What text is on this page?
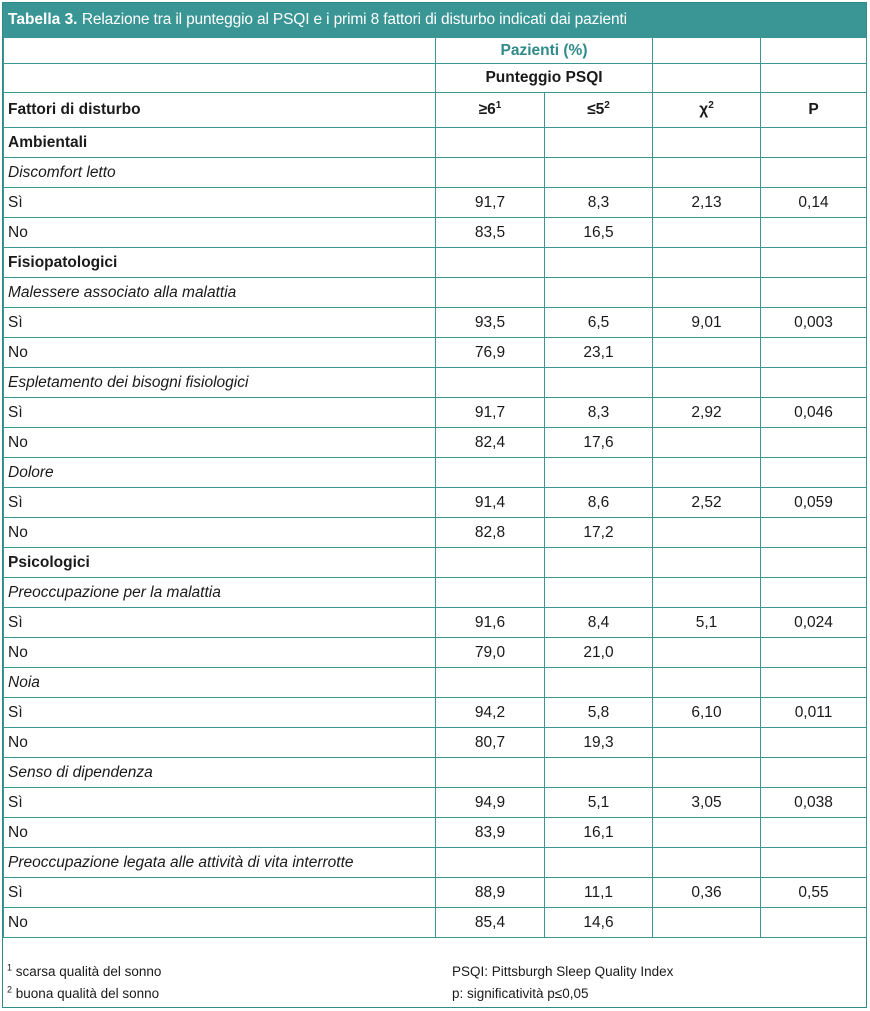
Tabella 3. Relazione tra il punteggio al PSQI e i primi 8 fattori di disturbo indicati dai pazienti
	Pazienti (%)			
	Punteggio PSQI			
Fattori di disturbo	$\ge 6^1$	$\le 5^2$	$\chi^2$	P
Ambientali				
Discomfort letto				
Sì	91,7	8,3	2,13	0,14
No	83,5	16,5		
Fisiopatologici				
Malessere associato alla malattia				
Sì	93,5	6,5	9,01	0,003
No	76,9	23,1		
Espletamento dei bisogni fisiologici				
Sì	91,7	8,3	2,92	0,046
No	82,4	17,6		
Dolore				
Sì	91,4	8,6	2,52	0,059
No	82,8	17,2		
Psicologici				
Preoccupazione per la malattia				
Sì	91,6	8,4	5,1	0,024
No	79,0	21,0		
Noia				
Sì	94,2	5,8	6,10	0,011
No	80,7	19,3		
Senso di dipendenza				
Sì	94,9	5,1	3,05	0,038
No	83,9	16,1		
Preoccupazione legata alle attività di vita interrotte				
Sì	88,9	11,1	0,36	0,55
No	85,4	14,6		
$^1$ scarsa qualità del sonno
$^2$ buona qualità del sonno
PSQI: Pittsburgh Sleep Quality Index
p: significatività p≤0,05
